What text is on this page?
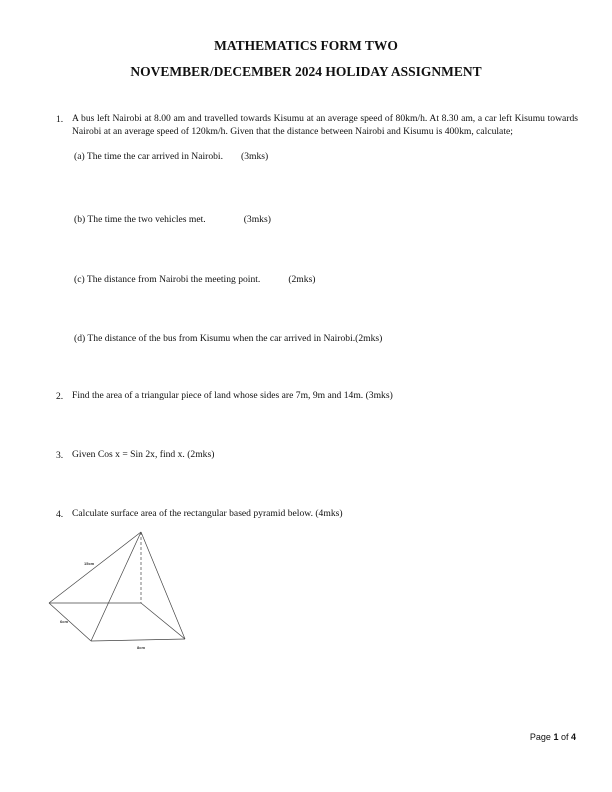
MATHEMATICS FORM TWO
NOVEMBER/DECEMBER 2024 HOLIDAY ASSIGNMENT
1. A bus left Nairobi at 8.00 am and travelled towards Kisumu at an average speed of 80km/h. At 8.30 am, a car left Kisumu towards Nairobi at an average speed of 120km/h. Given that the distance between Nairobi and Kisumu is 400km, calculate;
(a) The time the car arrived in Nairobi. (3mks)
(b) The time the two vehicles met.	(3mks)
(c) The distance from Nairobi the meeting point.	(2mks)
(d) The distance of the bus from Kisumu when the car arrived in Nairobi.(2mks)
2. Find the area of a triangular piece of land whose sides are 7m, 9m and 14m. (3mks)
3. Given Cos x = Sin 2x, find x. (2mks)
4. Calculate surface area of the rectangular based pyramid below. (4mks)
15cm
6cm
8cm
Page 1 of 4
